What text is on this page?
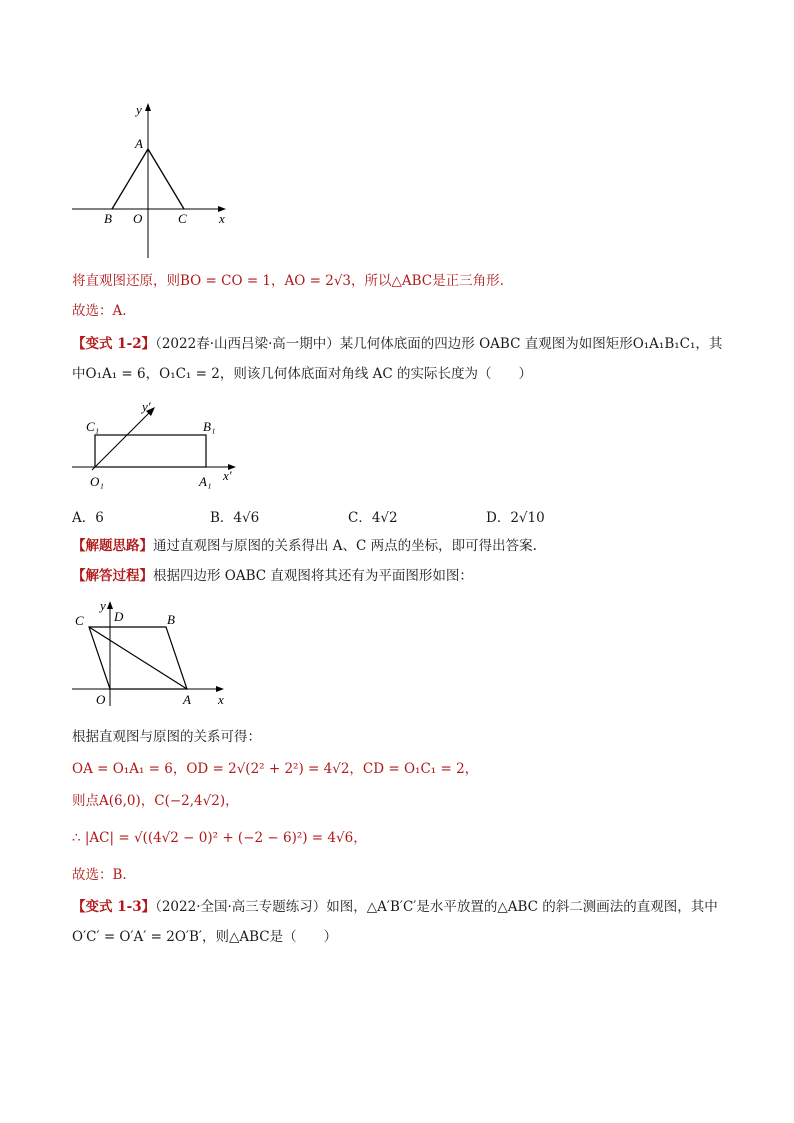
y
A
B O	C x
将直观图还原，则BO = CO = 1，AO = 2√3，所以△ABC是正三角形.
故选：A.
【变式 1-2】（2022春·山西吕梁·高一期中）某几何体底面的四边形 OABC 直观图为如图矩形O₁A₁B₁C₁，其
中O₁A₁ = 6，O₁C₁ = 2，则该几何体底面对角线 AC 的实际长度为（　　）
C₁	B₁
y′
x′
O₁	A₁
A．6	B．4√6	C．4√2	D．2√10
【解题思路】通过直观图与原图的关系得出 A、C 两点的坐标，即可得出答案.
【解答过程】根据四边形 OABC 直观图将其还有为平面图形如图：
y
C D	B
O	A x
根据直观图与原图的关系可得：
OA = O₁A₁ = 6，OD = 2√(2² + 2²) = 4√2，CD = O₁C₁ = 2，
则点A(6,0)，C(−2,4√2)，
∴ |AC| = √((4√2 − 0)² + (−2 − 6)²) = 4√6，
故选：B.
【变式 1-3】（2022·全国·高三专题练习）如图，△A′B′C′是水平放置的△ABC 的斜二测画法的直观图，其中
O′C′ = O′A′ = 2O′B′，则△ABC是（　　）
